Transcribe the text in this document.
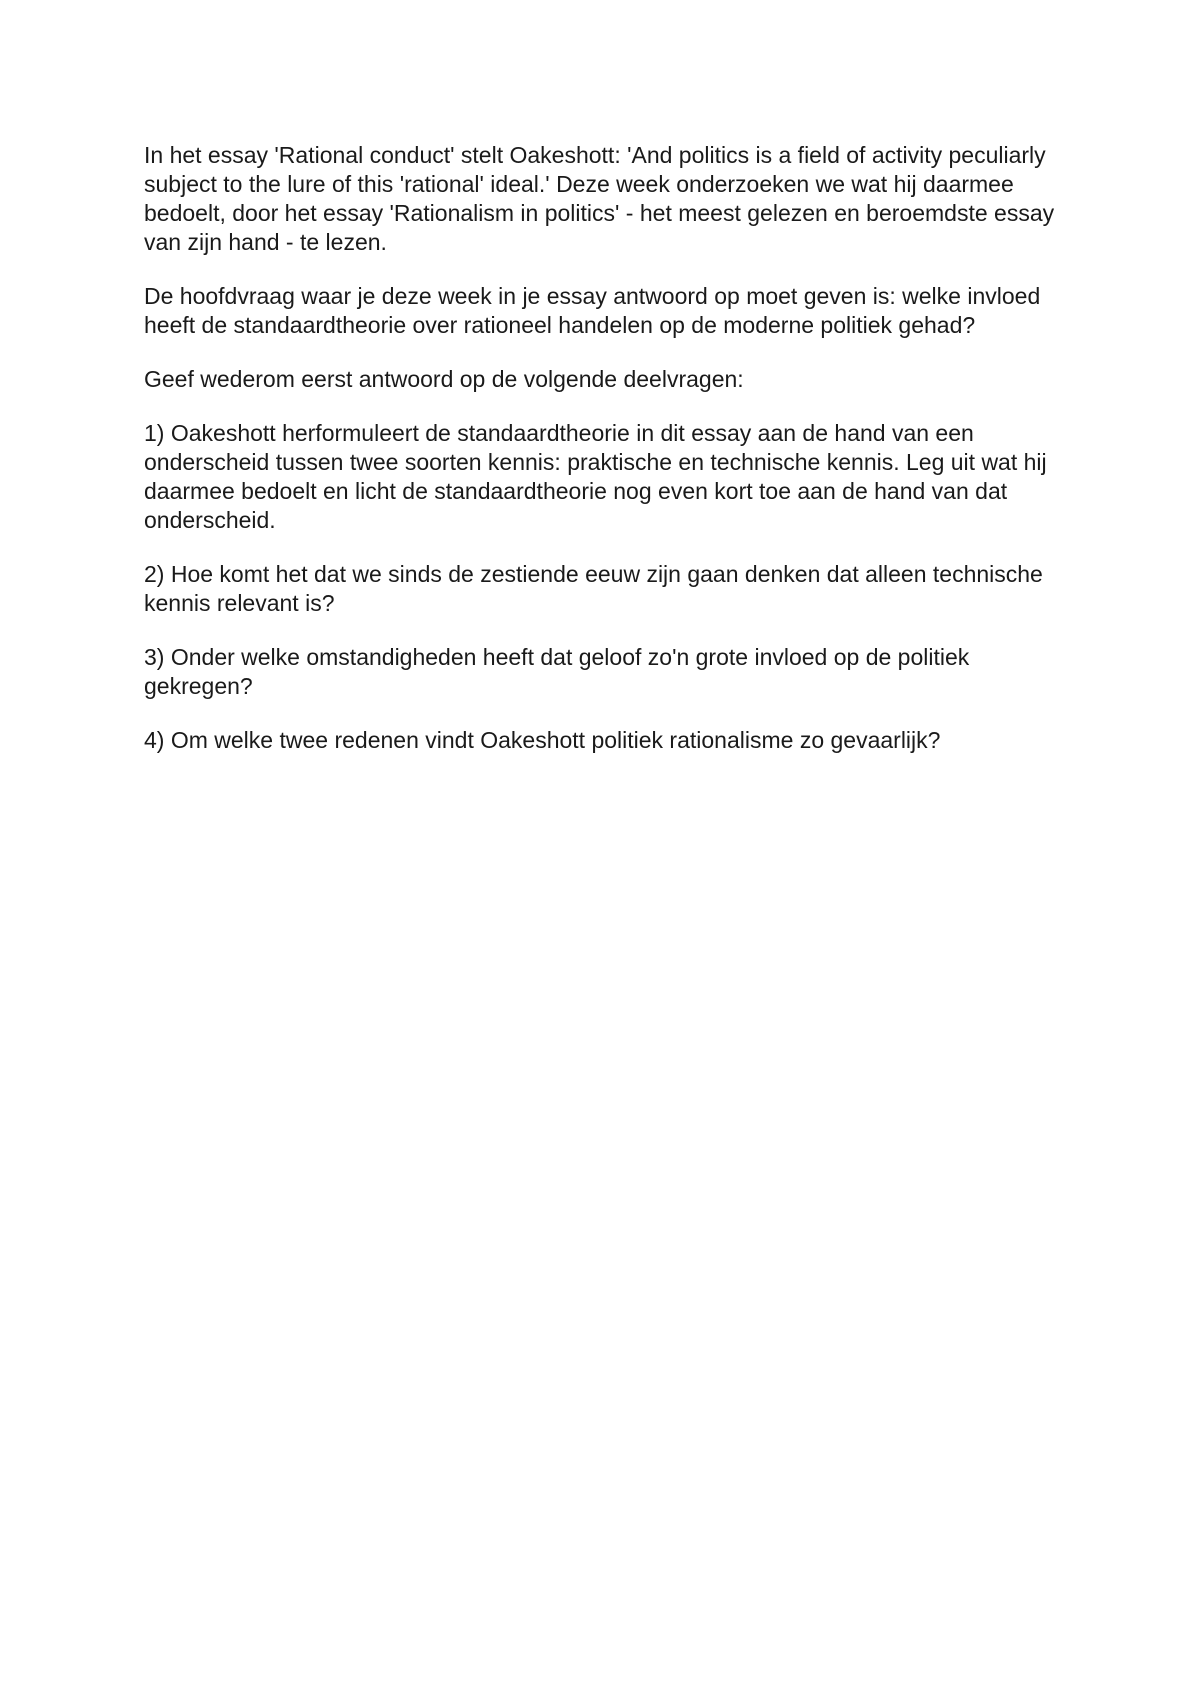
In het essay 'Rational conduct' stelt Oakeshott: 'And politics is a field of activity peculiarly subject to the lure of this 'rational' ideal.' Deze week onderzoeken we wat hij daarmee bedoelt, door het essay 'Rationalism in politics' - het meest gelezen en beroemdste essay van zijn hand - te lezen.

De hoofdvraag waar je deze week in je essay antwoord op moet geven is: welke invloed heeft de standaardtheorie over rationeel handelen op de moderne politiek gehad?

Geef wederom eerst antwoord op de volgende deelvragen:

1) Oakeshott herformuleert de standaardtheorie in dit essay aan de hand van een onderscheid tussen twee soorten kennis: praktische en technische kennis. Leg uit wat hij daarmee bedoelt en licht de standaardtheorie nog even kort toe aan de hand van dat onderscheid.

2) Hoe komt het dat we sinds de zestiende eeuw zijn gaan denken dat alleen technische kennis relevant is?

3) Onder welke omstandigheden heeft dat geloof zo'n grote invloed op de politiek gekregen?

4) Om welke twee redenen vindt Oakeshott politiek rationalisme zo gevaarlijk?
